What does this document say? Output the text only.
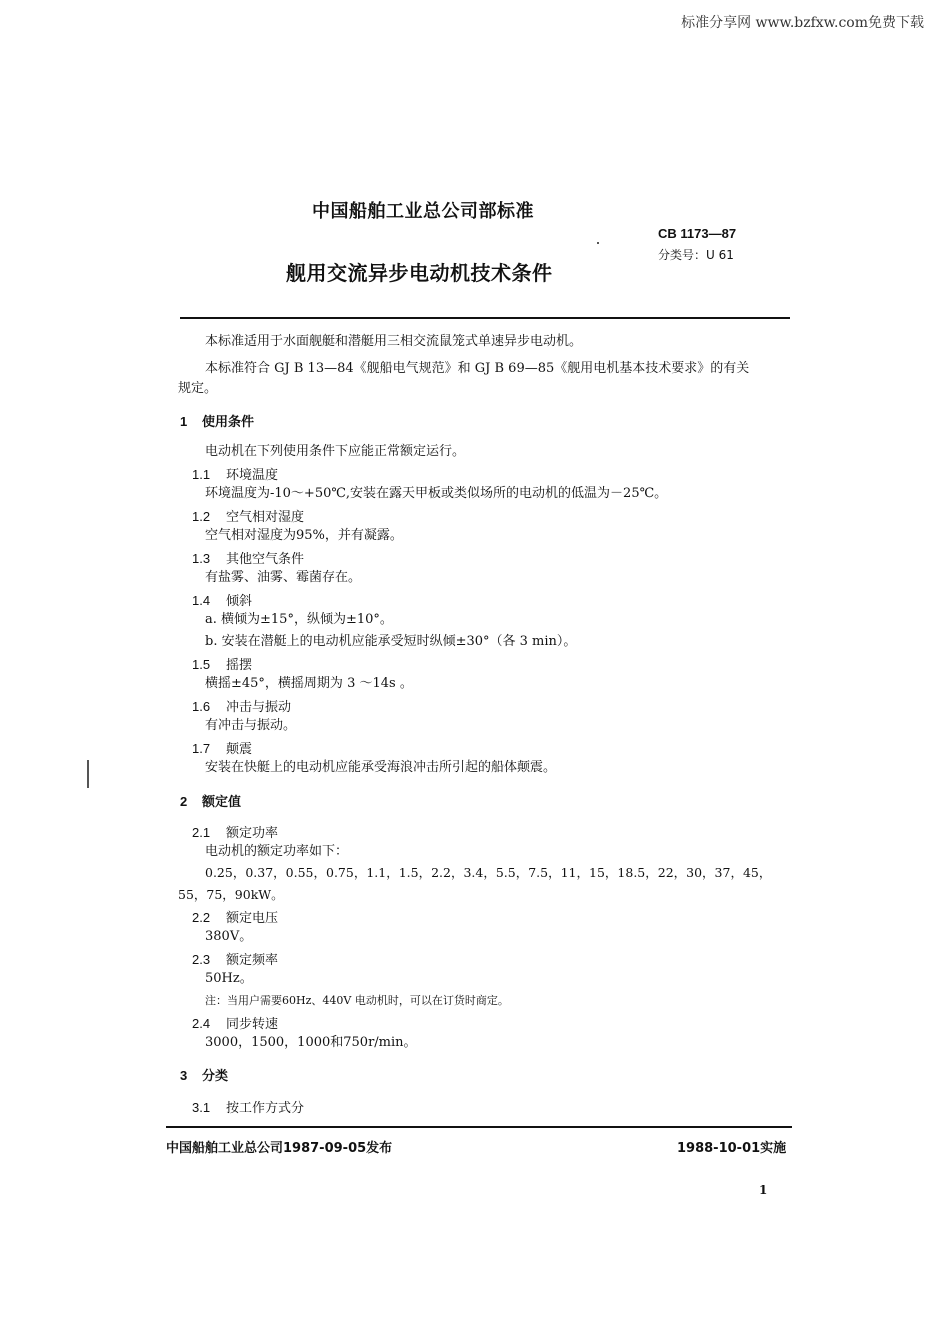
标准分享网 www.bzfxw.com免费下载
中国船舶工业总公司部标准
舰用交流异步电动机技术条件
CB 1173—87
分类号：U 61
本标准适用于水面舰艇和潜艇用三相交流鼠笼式单速异步电动机。
本标准符合 GJ B 13—84《舰船电气规范》和 GJ B 69—85《舰用电机基本技术要求》的有关
规定。
1 使用条件
电动机在下列使用条件下应能正常额定运行。
1.1 环境温度
环境温度为-10～+50℃,安装在露天甲板或类似场所的电动机的低温为－25℃。
1.2 空气相对湿度
空气相对湿度为95%，并有凝露。
1.3 其他空气条件
有盐雾、油雾、霉菌存在。
1.4 倾斜
a. 横倾为±15°，纵倾为±10°。
b. 安装在潜艇上的电动机应能承受短时纵倾±30°（各 3 min）。
1.5 摇摆
横摇±45°，横摇周期为 3 ～14s 。
1.6 冲击与振动
有冲击与振动。
1.7 颠震
安装在快艇上的电动机应能承受海浪冲击所引起的船体颠震。
2 额定值
2.1 额定功率
电动机的额定功率如下：
0.25，0.37，0.55，0.75，1.1，1.5，2.2，3.4，5.5，7.5，11，15，18.5，22，30，37，45，
55，75，90kW。
2.2 额定电压
380V。
2.3 额定频率
50Hz。
注：当用户需要60Hz、440V 电动机时，可以在订货时商定。
2.4 同步转速
3000，1500，1000和750r/min。
3 分类
3.1 按工作方式分
中国船舶工业总公司1987-09-05发布	1988-10-01实施
1
